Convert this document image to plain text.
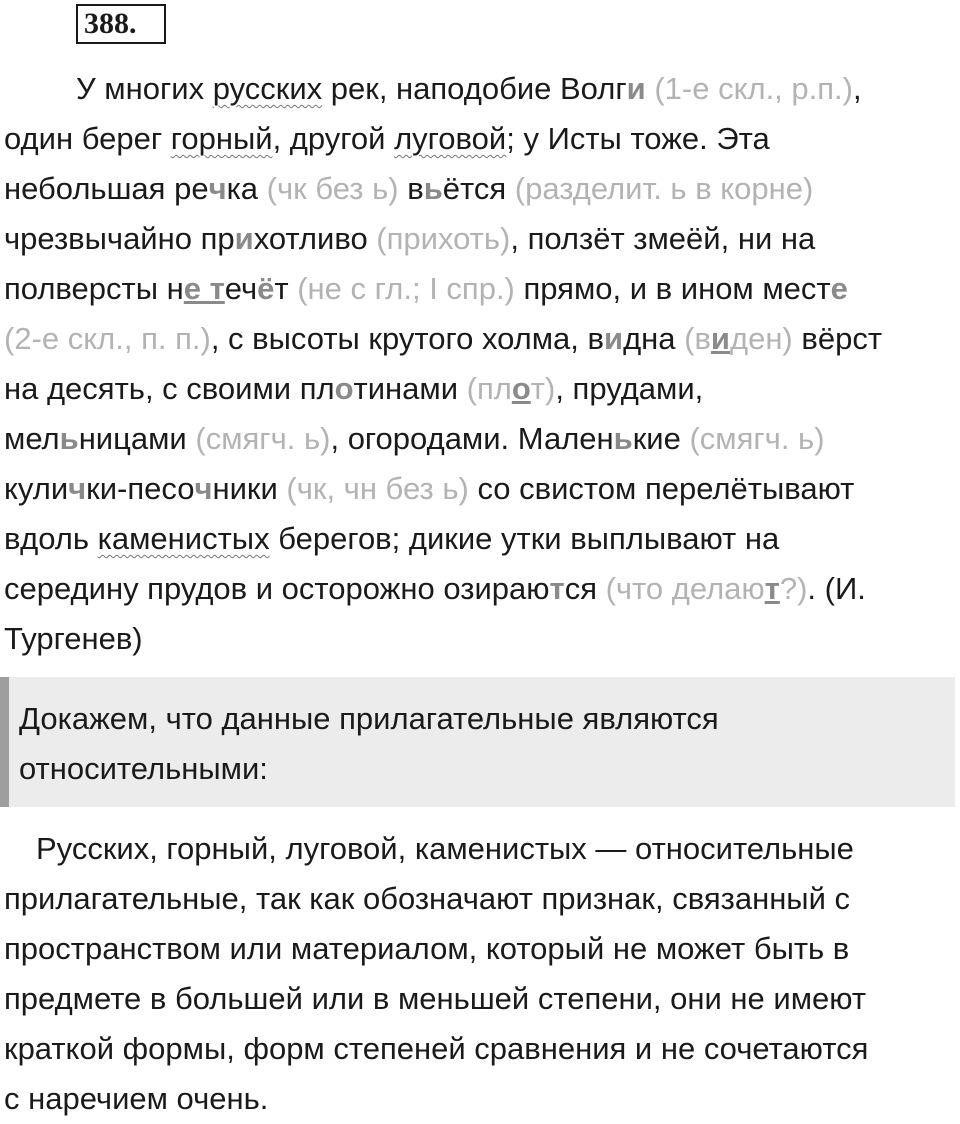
388.
У многих русских рек, наподобие Волги (1-е скл., р.п.),
один берег горный, другой луговой; у Исты тоже. Эта
небольшая речка (чк без ь) вьётся (разделит. ь в корне)
чрезвычайно прихотливо (прихоть), ползёт змеёй, ни на
полверсты не течёт (не с гл.; I спр.) прямо, и в ином месте
(2-е скл., п. п.), с высоты крутого холма, видна (виден) вёрст
на десять, с своими плотинами (плот), прудами,
мельницами (смягч. ь), огородами. Маленькие (смягч. ь)
кулички-песочники (чк, чн без ь) со свистом перелётывают
вдоль каменистых берегов; дикие утки выплывают на
середину прудов и осторожно озираются (что делают?). (И.
Тургенев)

Докажем, что данные прилагательные являются
относительными:

Русских, горный, луговой, каменистых — относительные
прилагательные, так как обозначают признак, связанный с
пространством или материалом, который не может быть в
предмете в большей или в меньшей степени, они не имеют
краткой формы, форм степеней сравнения и не сочетаются
с наречием очень.
